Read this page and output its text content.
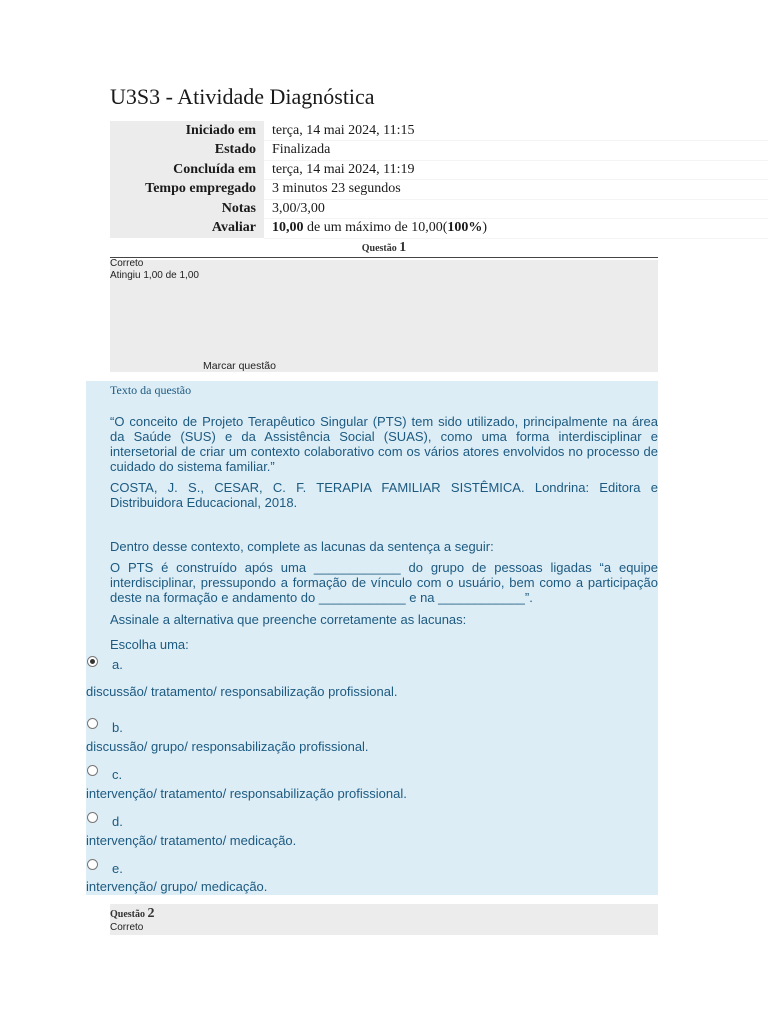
U3S3 - Atividade Diagnóstica
Iniciado em	terça, 14 mai 2024, 11:15
Estado	Finalizada
Concluída em	terça, 14 mai 2024, 11:19
Tempo empregado	3 minutos 23 segundos
Notas	3,00/3,00
Avaliar	10,00 de um máximo de 10,00(100%)
Questão 1
Correto
Atingiu 1,00 de 1,00
Marcar questão
Texto da questão
“O conceito de Projeto Terapêutico Singular (PTS) tem sido utilizado, principalmente na área da Saúde (SUS) e da Assistência Social (SUAS), como uma forma interdisciplinar e intersetorial de criar um contexto colaborativo com os vários atores envolvidos no processo de cuidado do sistema familiar.”
COSTA, J. S., CESAR, C. F. TERAPIA FAMILIAR SISTÊMICA. Londrina: Editora e Distribuidora Educacional, 2018.
Dentro desse contexto, complete as lacunas da sentença a seguir:
O PTS é construído após uma ____________ do grupo de pessoas ligadas “a equipe interdisciplinar, pressupondo a formação de vínculo com o usuário, bem como a participação deste na formação e andamento do ____________ e na ____________”.
Assinale a alternativa que preenche corretamente as lacunas:
Escolha uma:
a.
discussão/ tratamento/ responsabilização profissional.
b.
discussão/ grupo/ responsabilização profissional.
c.
intervenção/ tratamento/ responsabilização profissional.
d.
intervenção/ tratamento/ medicação.
e.
intervenção/ grupo/ medicação.
Questão 2
Correto
